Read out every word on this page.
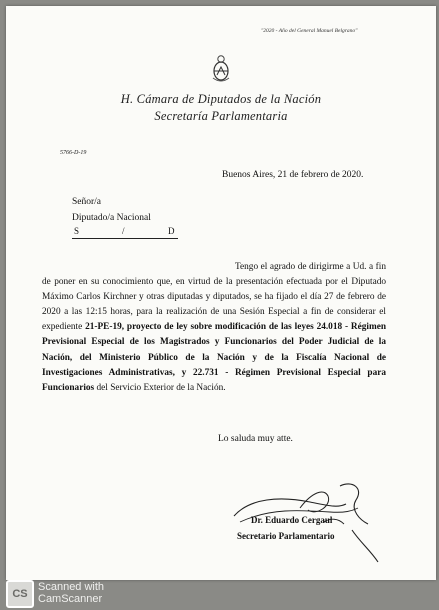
"2020 - Año del General Manuel Belgrano"
H. Cámara de Diputados de la Nación
Secretaría Parlamentaria
5766-D-19
Buenos Aires, 21 de febrero de 2020.
Señor/a
Diputado/a Nacional
S	/	D
Tengo el agrado de dirigirme a Ud. a fin de poner en su conocimiento que, en virtud de la presentación efectuada por el Diputado Máximo Carlos Kirchner y otras diputadas y diputados, se ha fijado el día 27 de febrero de 2020 a las 12:15 horas, para la realización de una Sesión Especial a fin de considerar el expediente 21-PE-19, proyecto de ley sobre modificación de las leyes 24.018 - Régimen Previsional Especial de los Magistrados y Funcionarios del Poder Judicial de la Nación, del Ministerio Público de la Nación y de la Fiscalía Nacional de Investigaciones Administrativas, y 22.731 - Régimen Previsional Especial para Funcionarios del Servicio Exterior de la Nación.
Lo saluda muy atte.
Dr. Eduardo Cergaul
Secretario Parlamentario
CS
Scanned with
CamScanner
